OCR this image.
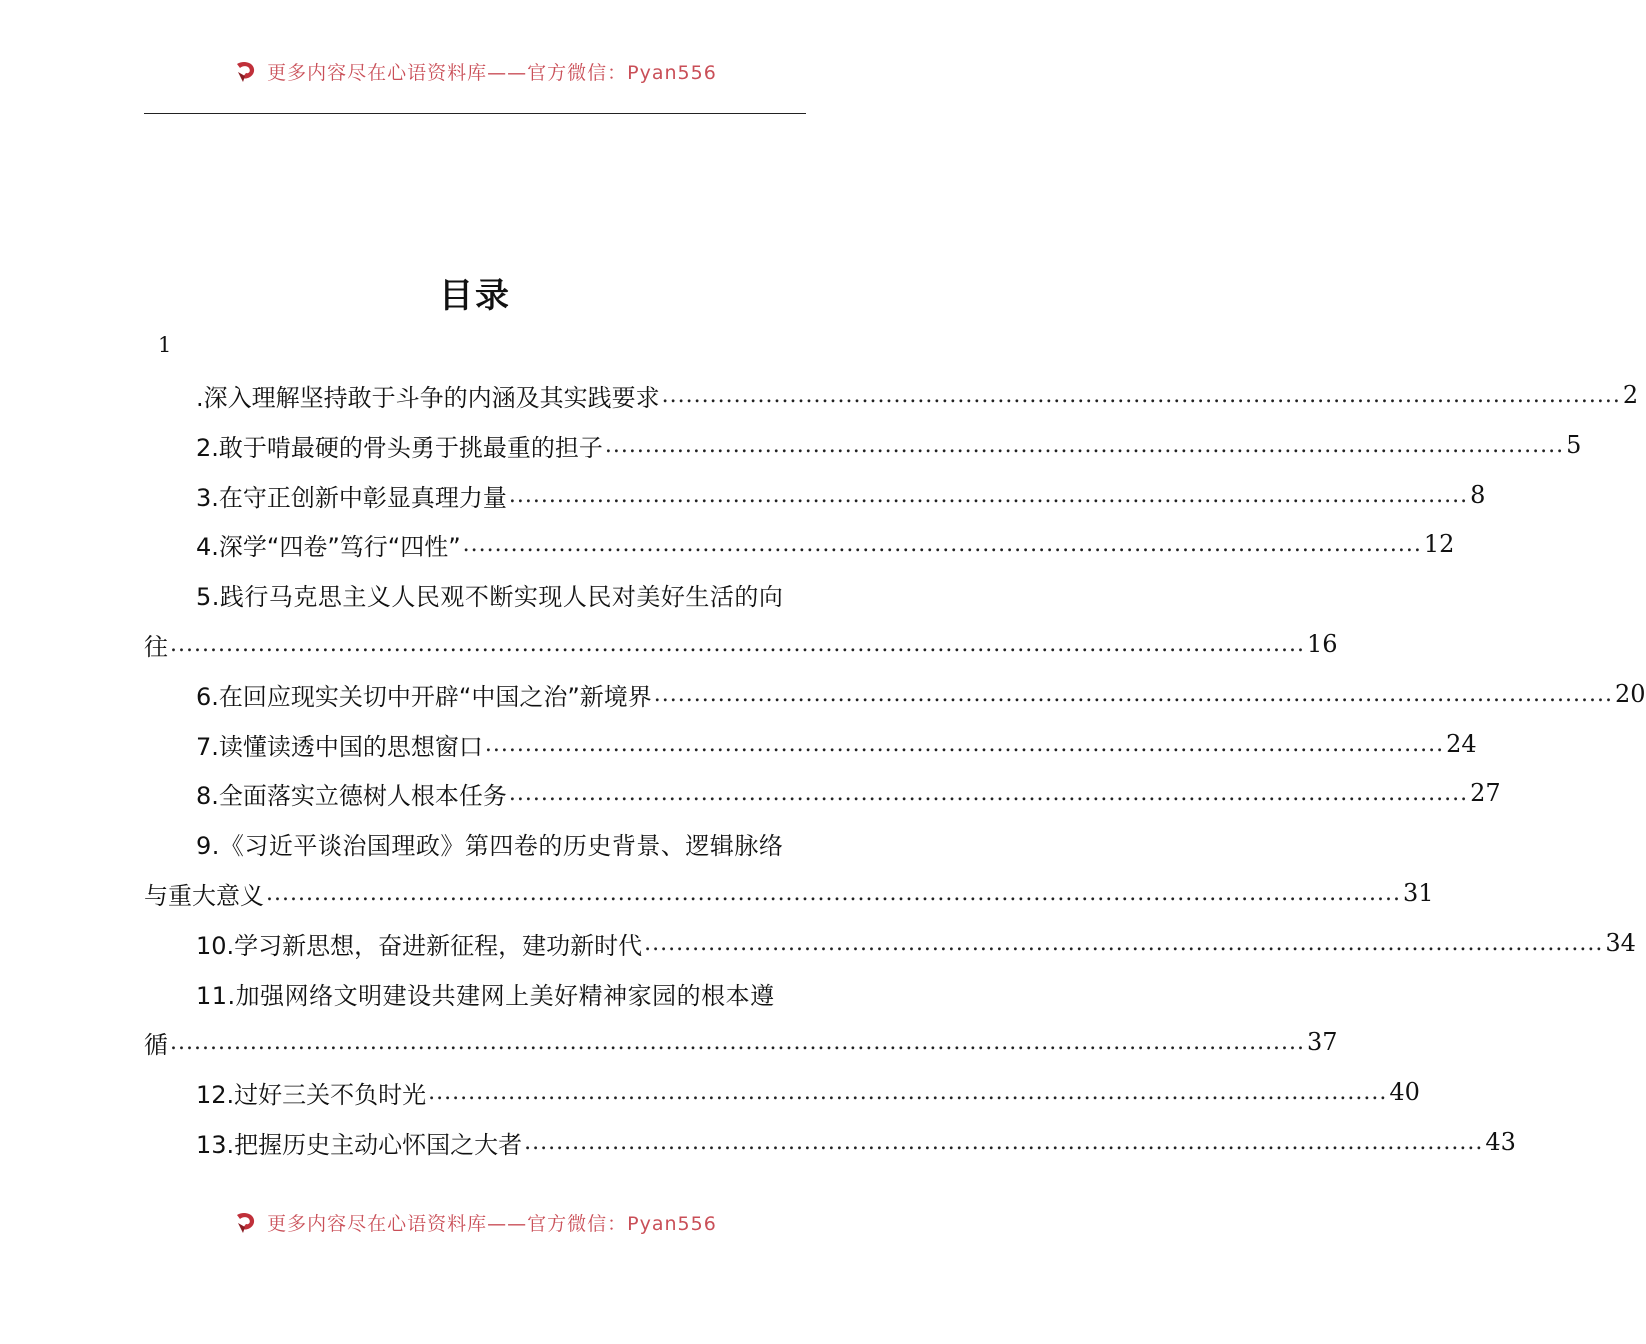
更多内容尽在心语资料库——官方微信：Pyan556
目录
1
.深入理解坚持敢于斗争的内涵及其实践要求 ........................................................................................................................ 2
2.敢于啃最硬的骨头勇于挑最重的担子 ........................................................................................................................ 5
3.在守正创新中彰显真理力量 ........................................................................................................................ 8
4.深学“四卷”笃行“四性” ........................................................................................................................ 12
5.践行马克思主义人民观不断实现人民对美好生活的向
往 .............................................................................................................................................. 16
6.在回应现实关切中开辟“中国之治”新境界 ........................................................................................................................ 20
7.读懂读透中国的思想窗口 ........................................................................................................................ 24
8.全面落实立德树人根本任务 ........................................................................................................................ 27
9.《习近平谈治国理政》第四卷的历史背景、逻辑脉络
与重大意义 .............................................................................................................................................. 31
10.学习新思想，奋进新征程，建功新时代 ........................................................................................................................ 34
11.加强网络文明建设共建网上美好精神家园的根本遵
循 .............................................................................................................................................. 37
12.过好三关不负时光 ........................................................................................................................ 40
13.把握历史主动心怀国之大者 ........................................................................................................................ 43
更多内容尽在心语资料库——官方微信：Pyan556
